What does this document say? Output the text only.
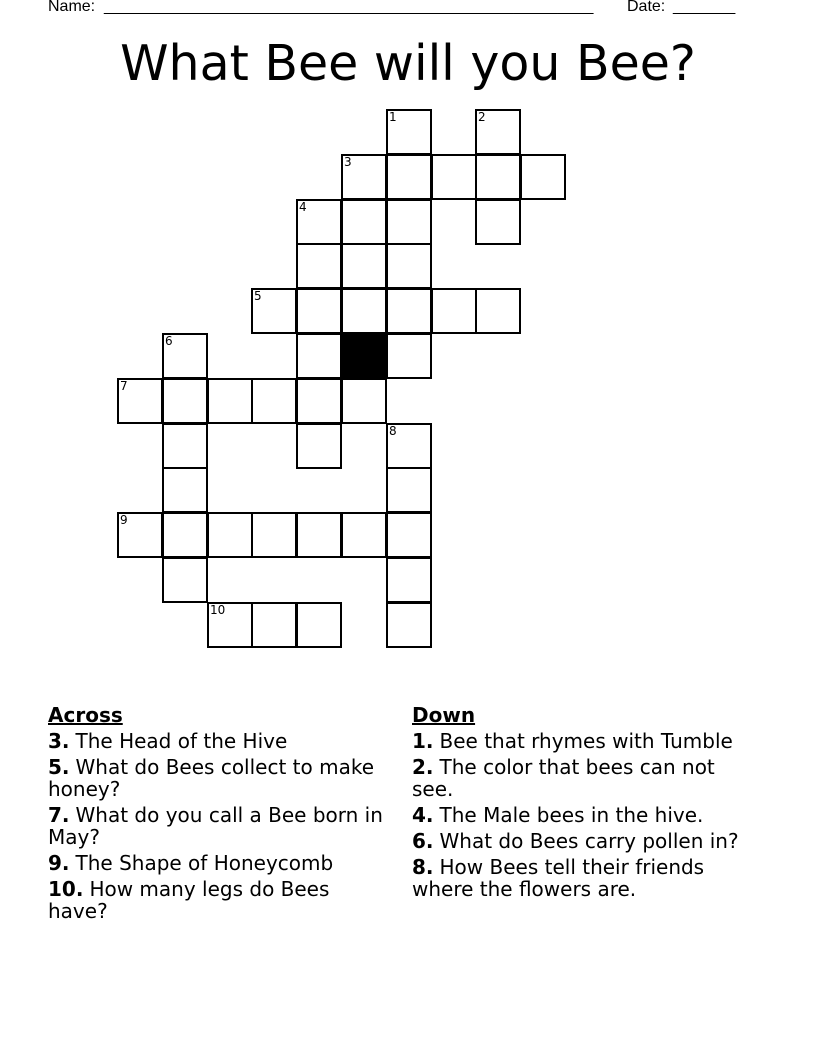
Name: _______________________________________________________ Date: _______
What Bee will you Bee?
1	2
3
4
5
6
7
8
9
10
Across
3. The Head of the Hive
5. What do Bees collect to make honey?
7. What do you call a Bee born in May?
9. The Shape of Honeycomb
10. How many legs do Bees have?
Down
1. Bee that rhymes with Tumble
2. The color that bees can not see.
4. The Male bees in the hive.
6. What do Bees carry pollen in?
8. How Bees tell their friends where the flowers are.
